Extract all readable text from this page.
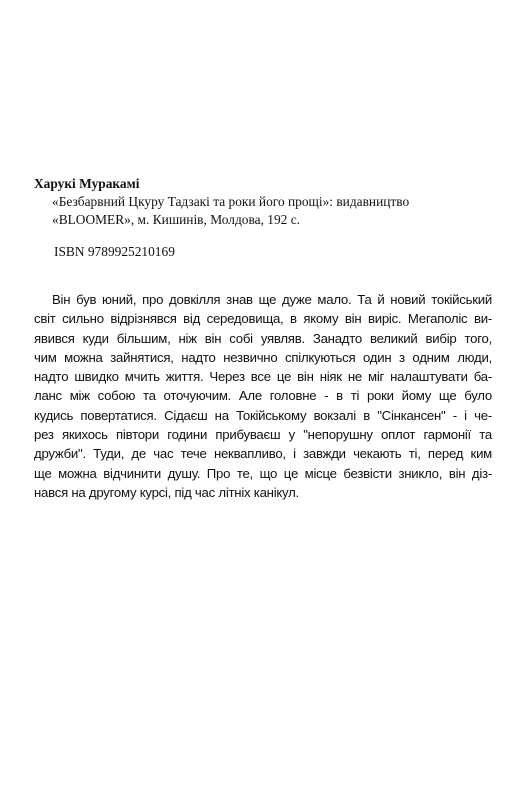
Харукі Муракамі
«Безбарвний Цкуру Тадзакі та роки його прощі»: видавництво
«BLOOMER», м. Кишинів, Молдова, 192 с.
ISBN 9789925210169
Він був юний, про довкілля знав ще дуже мало. Та й новий токійський
світ сильно відрізнявся від середовища, в якому він виріс. Мегаполіс ви-
явився куди більшим, ніж він собі уявляв. Занадто великий вибір того,
чим можна зайнятися, надто незвично спілкуються один з одним люди,
надто швидко мчить життя. Через все це він ніяк не міг налаштувати ба-
ланс між собою та оточуючим. Але головне - в ті роки йому ще було
кудись повертатися. Сідаєш на Токійському вокзалі в "Сінкансен" - і че-
рез якихось півтори години прибуваєш у "непорушну оплот гармонії та
дружби". Туди, де час тече неквапливо, і завжди чекають ті, перед ким
ще можна відчинити душу. Про те, що це місце безвісти зникло, він діз-
нався на другому курсі, під час літніх канікул.
